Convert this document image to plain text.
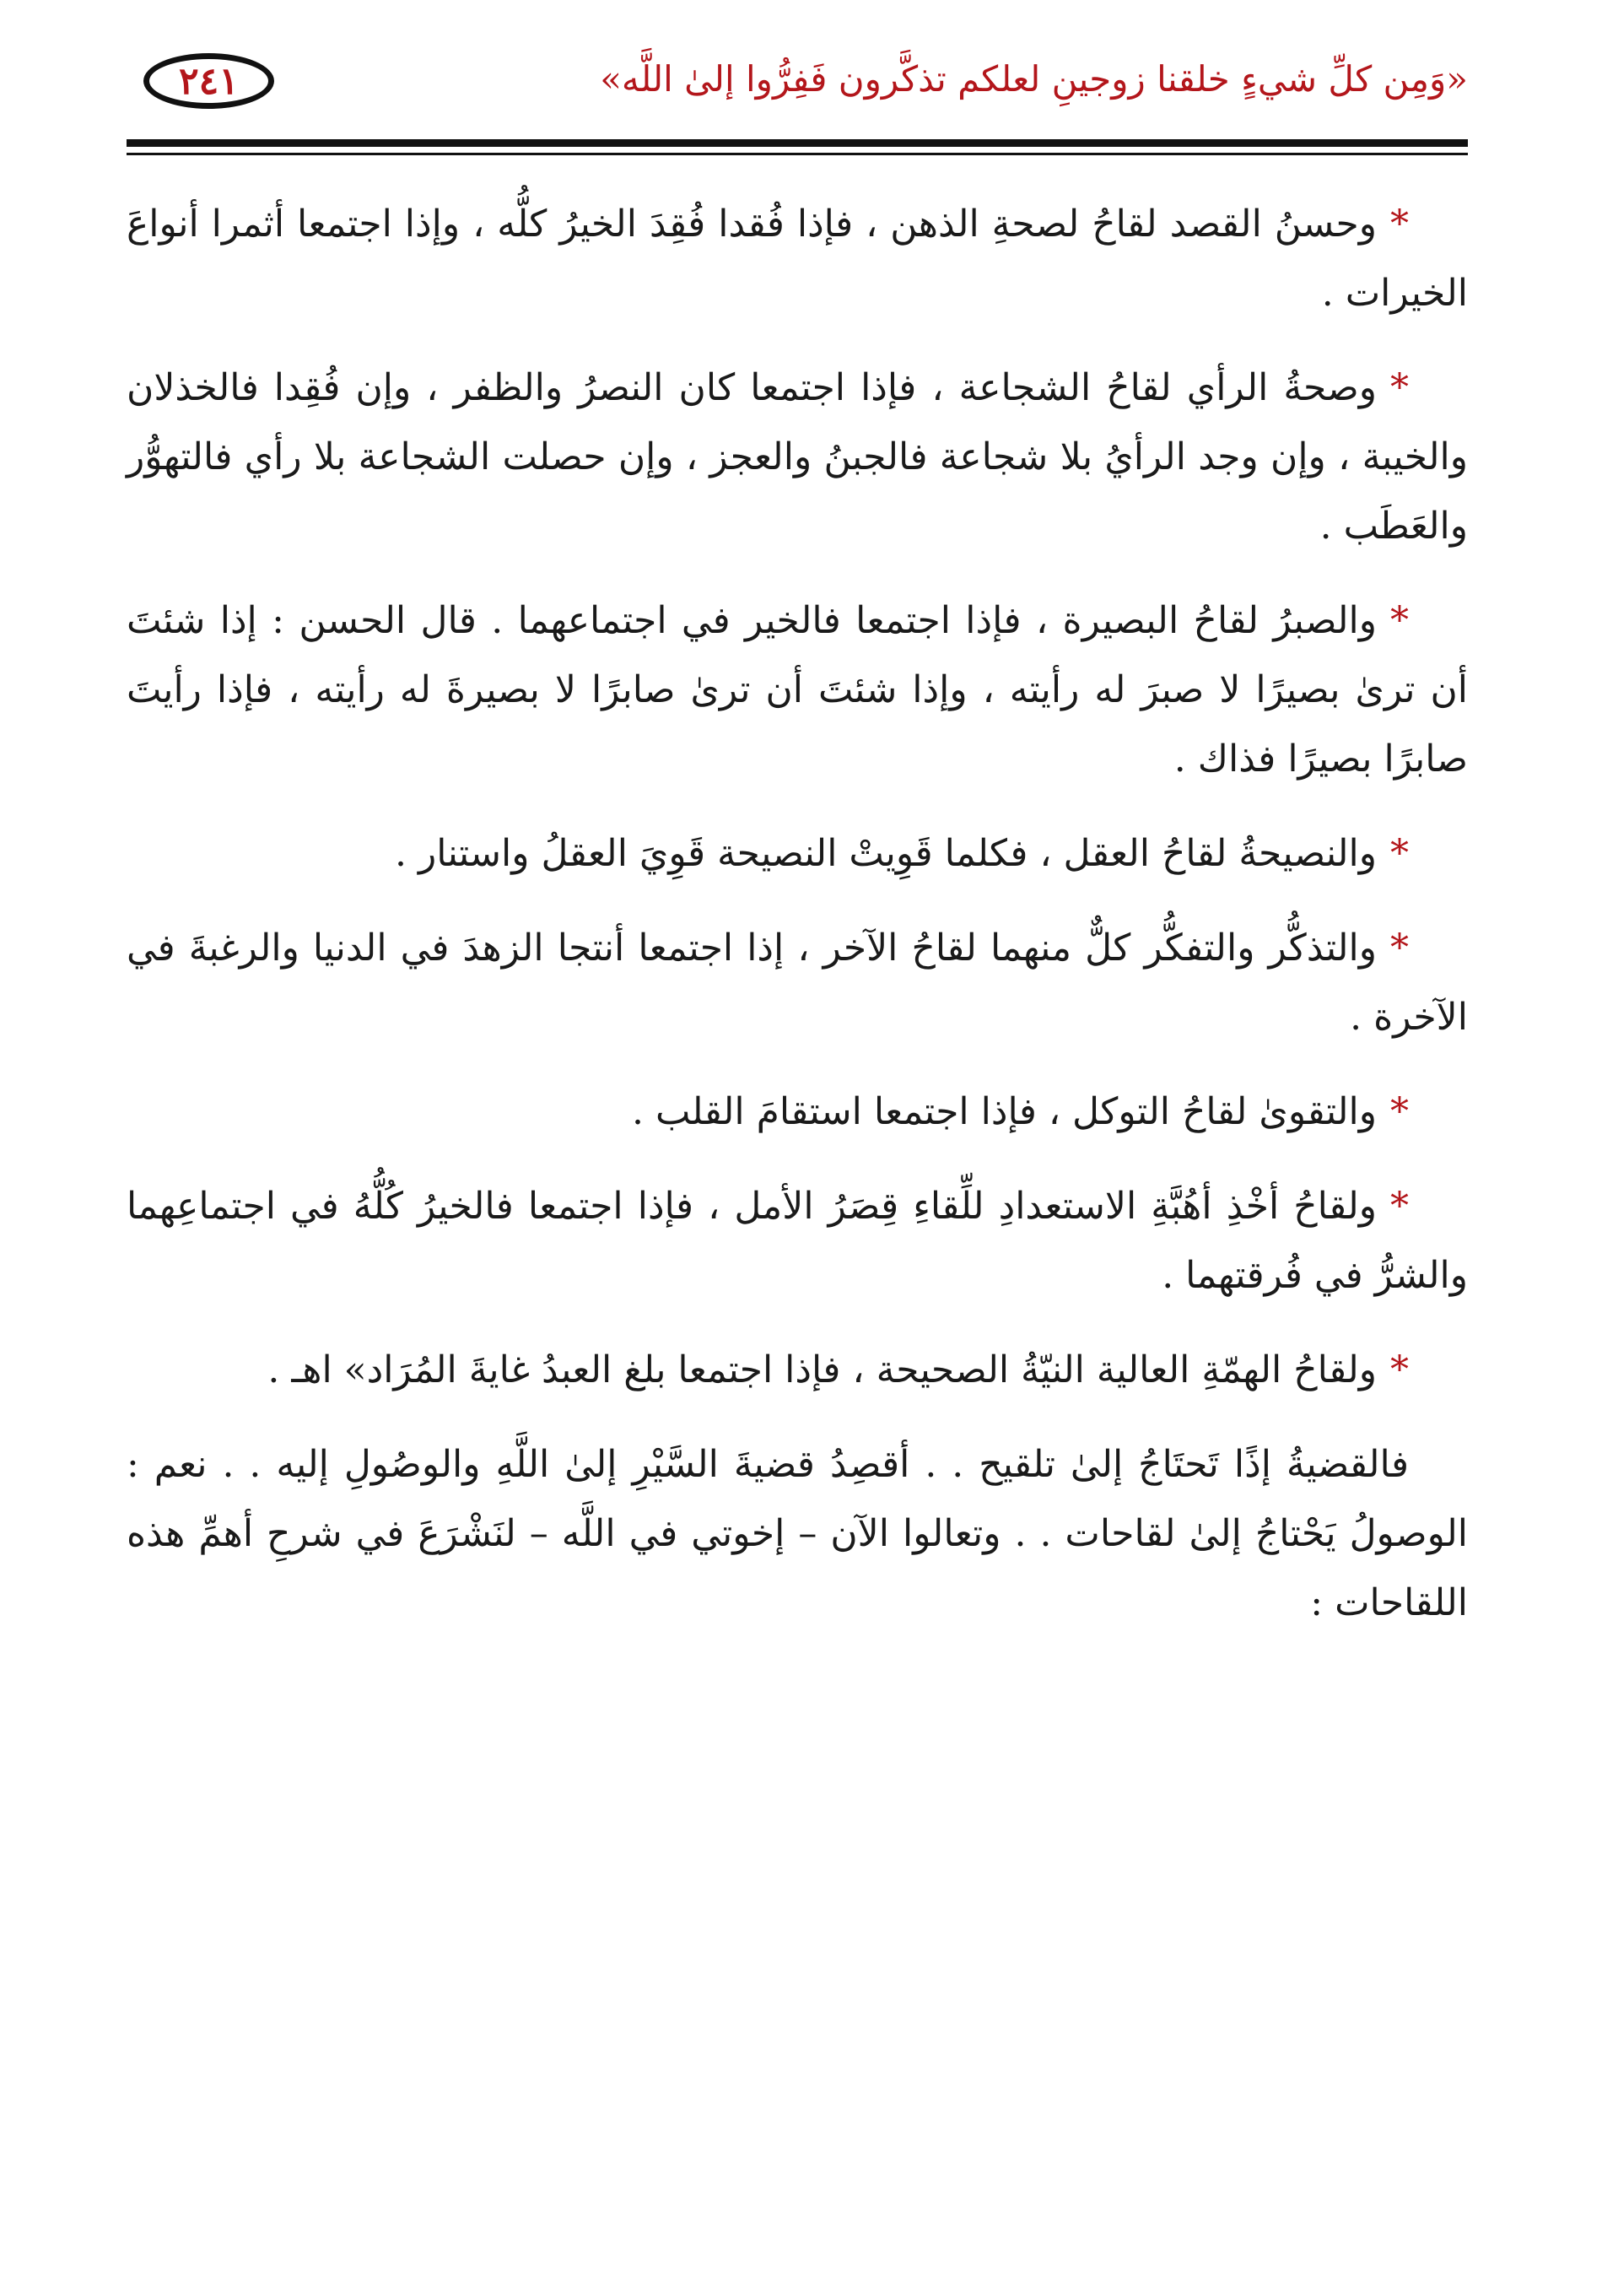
«وَمِن كلِّ شيءٍ خلقنا زوجينِ لعلكم تذكَّرون فَفِرُّوا إلىٰ اللَّه»
٢٤١

*وحسنُ القصد لقاحُ لصحةِ الذهن ، فإذا فُقدا فُقِدَ الخيرُ كلُّه ، وإذا اجتمعا أثمرا أنواعَ الخيرات .

*وصحةُ الرأي لقاحُ الشجاعة ، فإذا اجتمعا كان النصرُ والظفر ، وإن فُقِدا فالخذلان والخيبة ، وإن وجد الرأيُ بلا شجاعة فالجبنُ والعجز ، وإن حصلت الشجاعة بلا رأي فالتهوُّر والعَطَب .

*والصبرُ لقاحُ البصيرة ، فإذا اجتمعا فالخير في اجتماعهما . قال الحسن : إذا شئتَ أن ترىٰ بصيرًا لا صبرَ له رأيته ، وإذا شئتَ أن ترىٰ صابرًا لا بصيرةَ له رأيته ، فإذا رأيتَ صابرًا بصيرًا فذاك .

*والنصيحةُ لقاحُ العقل ، فكلما قَوِيتْ النصيحة قَوِيَ العقلُ واستنار .

*والتذكُّر والتفكُّر كلٌّ منهما لقاحُ الآخر ، إذا اجتمعا أنتجا الزهدَ في الدنيا والرغبةَ في الآخرة .

*والتقوىٰ لقاحُ التوكل ، فإذا اجتمعا استقامَ القلب .

*ولقاحُ أخْذِ أهُبَّةِ الاستعدادِ للِّقاءِ قِصَرُ الأمل ، فإذا اجتمعا فالخيرُ كُلُّهُ في اجتماعِهما والشرُّ في فُرقتهما .

*ولقاحُ الهمّةِ العالية النيّةُ الصحيحة ، فإذا اجتمعا بلغ العبدُ غايةَ المُرَاد» اهـ .

فالقضيةُ إذًا تَحتَاجُ إلىٰ تلقيح . . أقصِدُ قضيةَ السَّيْرِ إلىٰ اللَّهِ والوصُولِ إليه . . نعم : الوصولُ يَحْتاجُ إلىٰ لقاحات . . وتعالوا الآن – إخوتي في اللَّه – لنَشْرَعَ في شرحِ أهمِّ هذه اللقاحات :
